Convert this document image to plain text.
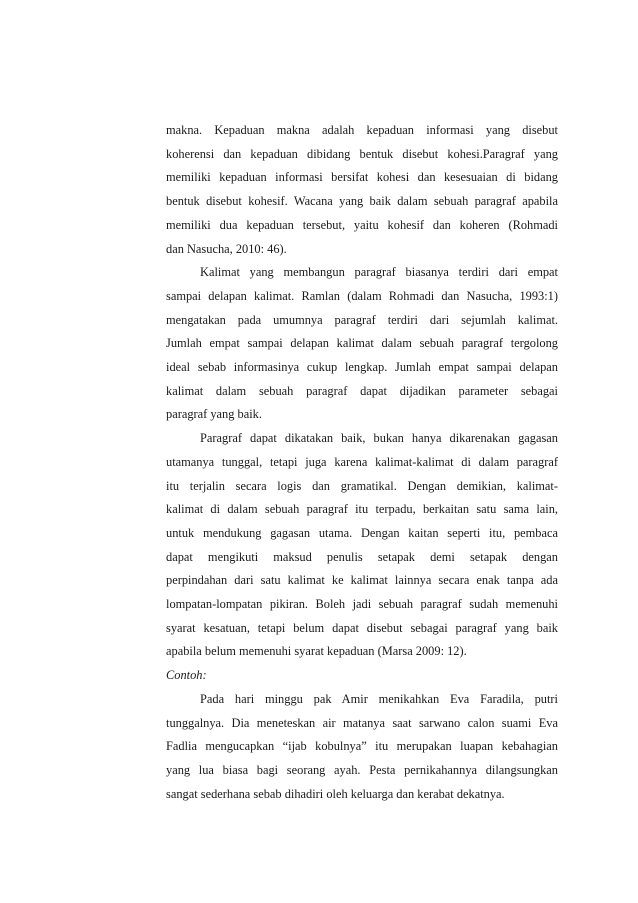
makna. Kepaduan makna adalah kepaduan informasi yang disebut
koherensi dan kepaduan dibidang bentuk disebut kohesi.Paragraf yang
memiliki kepaduan informasi bersifat kohesi dan kesesuaian di bidang
bentuk disebut kohesif. Wacana yang baik dalam sebuah paragraf apabila
memiliki dua kepaduan tersebut, yaitu kohesif dan koheren (Rohmadi
dan Nasucha, 2010: 46).
Kalimat yang membangun paragraf biasanya terdiri dari empat
sampai delapan kalimat. Ramlan (dalam Rohmadi dan Nasucha, 1993:1)
mengatakan pada umumnya paragraf terdiri dari sejumlah kalimat.
Jumlah empat sampai delapan kalimat dalam sebuah paragraf tergolong
ideal sebab informasinya cukup lengkap. Jumlah empat sampai delapan
kalimat dalam sebuah paragraf dapat dijadikan parameter sebagai
paragraf yang baik.
Paragraf dapat dikatakan baik, bukan hanya dikarenakan gagasan
utamanya tunggal, tetapi juga karena kalimat-kalimat di dalam paragraf
itu terjalin secara logis dan gramatikal. Dengan demikian, kalimat-
kalimat di dalam sebuah paragraf itu terpadu, berkaitan satu sama lain,
untuk mendukung gagasan utama. Dengan kaitan seperti itu, pembaca
dapat mengikuti maksud penulis setapak demi setapak dengan
perpindahan dari satu kalimat ke kalimat lainnya secara enak tanpa ada
lompatan-lompatan pikiran. Boleh jadi sebuah paragraf sudah memenuhi
syarat kesatuan, tetapi belum dapat disebut sebagai paragraf yang baik
apabila belum memenuhi syarat kepaduan (Marsa 2009: 12).

Contoh:

Pada hari minggu pak Amir menikahkan Eva Faradila, putri
tunggalnya. Dia meneteskan air matanya saat sarwano calon suami Eva
Fadlia mengucapkan “ijab kobulnya” itu merupakan luapan kebahagian
yang lua biasa bagi seorang ayah. Pesta pernikahannya dilangsungkan
sangat sederhana sebab dihadiri oleh keluarga dan kerabat dekatnya.
